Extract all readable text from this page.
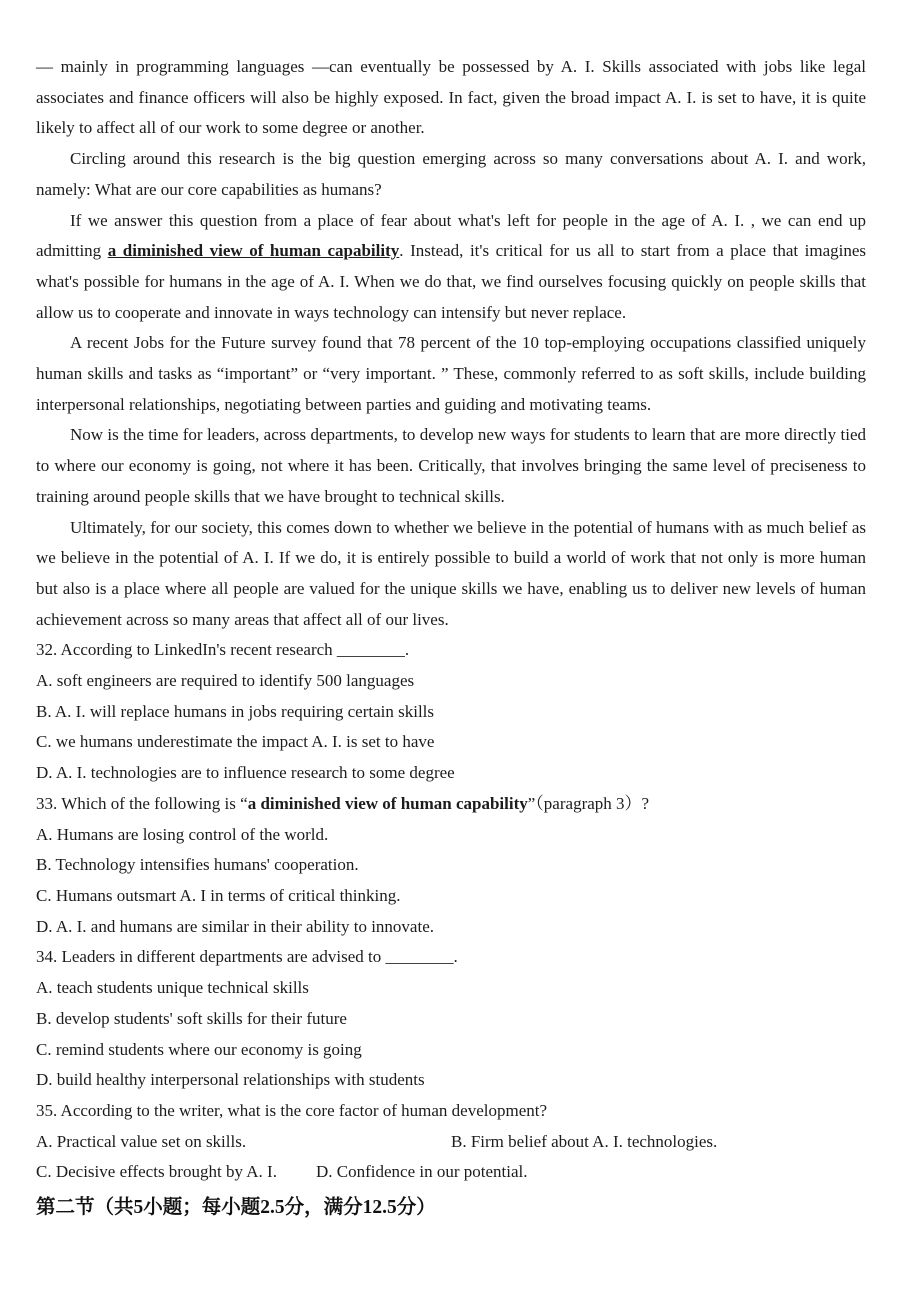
— mainly in programming languages —can eventually be possessed by A. I. Skills associated with jobs like legal associates and finance officers will also be highly exposed. In fact, given the broad impact A. I. is set to have, it is quite likely to affect all of our work to some degree or another.

Circling around this research is the big question emerging across so many conversations about A. I. and work, namely: What are our core capabilities as humans?

If we answer this question from a place of fear about what's left for people in the age of A. I. , we can end up admitting a diminished view of human capability. Instead, it's critical for us all to start from a place that imagines what's possible for humans in the age of A. I. When we do that, we find ourselves focusing quickly on people skills that allow us to cooperate and innovate in ways technology can intensify but never replace.

A recent Jobs for the Future survey found that 78 percent of the 10 top-employing occupations classified uniquely human skills and tasks as “important” or “very important. ” These, commonly referred to as soft skills, include building interpersonal relationships, negotiating between parties and guiding and motivating teams.

Now is the time for leaders, across departments, to develop new ways for students to learn that are more directly tied to where our economy is going, not where it has been. Critically, that involves bringing the same level of preciseness to training around people skills that we have brought to technical skills.

Ultimately, for our society, this comes down to whether we believe in the potential of humans with as much belief as we believe in the potential of A. I. If we do, it is entirely possible to build a world of work that not only is more human but also is a place where all people are valued for the unique skills we have, enabling us to deliver new levels of human achievement across so many areas that affect all of our lives.

32. According to LinkedIn's recent research ________.

A. soft engineers are required to identify 500 languages

B. A. I. will replace humans in jobs requiring certain skills

C. we humans underestimate the impact A. I. is set to have

D. A. I. technologies are to influence research to some degree

33. Which of the following is “a diminished view of human capability”（paragraph 3）?

A. Humans are losing control of the world.

B. Technology intensifies humans' cooperation.

C. Humans outsmart A. I in terms of critical thinking.

D. A. I. and humans are similar in their ability to innovate.

34. Leaders in different departments are advised to ________.

A. teach students unique technical skills

B. develop students' soft skills for their future

C. remind students where our economy is going

D. build healthy interpersonal relationships with students

35. According to the writer, what is the core factor of human development?

A. Practical value set on skills.	B. Firm belief about A. I. technologies.

C. Decisive effects brought by A. I. D. Confidence in our potential.

第二节（共5小题；每小题2.5分，满分12.5分）
